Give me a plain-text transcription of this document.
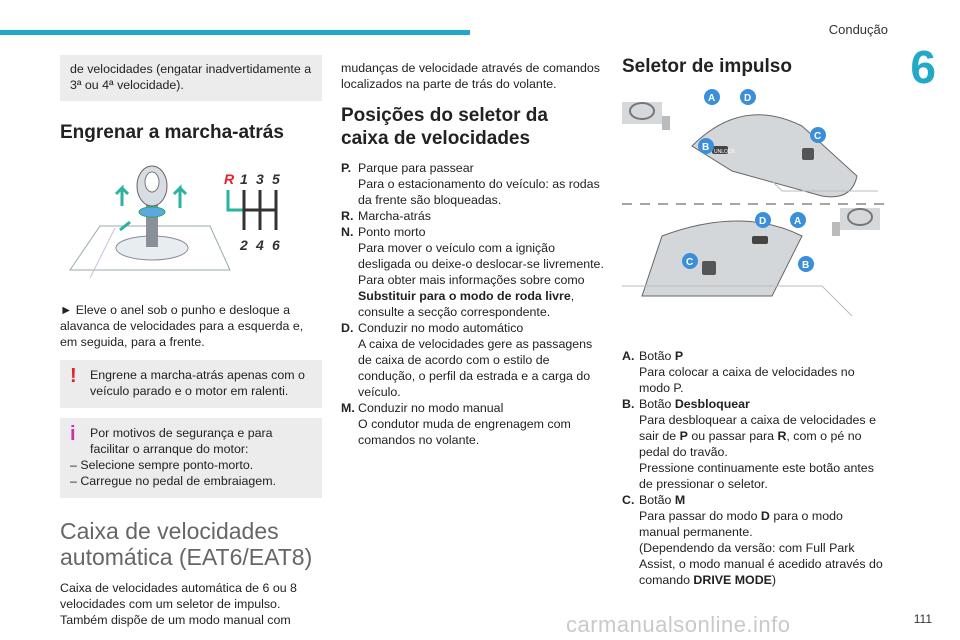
Condução
6
de velocidades (engatar inadvertidamente a 3ª ou 4ª velocidade).
Engrenar a marcha-atrás
R 1 3 5
2 4 6
► Eleve o anel sob o punho e desloque a alavanca de velocidades para a esquerda e, em seguida, para a frente.
! Engrene a marcha-atrás apenas com o veículo parado e o motor em ralenti.
i	Por motivos de segurança e para facilitar o arranque do motor:
– Selecione sempre ponto-morto.
– Carregue no pedal de embraiagem.
Caixa de velocidades automática (EAT6/EAT8)
Caixa de velocidades automática de 6 ou 8 velocidades com um seletor de impulso. Também dispõe de um modo manual com
mudanças de velocidade através de comandos localizados na parte de trás do volante.
Posições do seletor da caixa de velocidades
P. Parque para passear
Para o estacionamento do veículo: as rodas da frente são bloqueadas.
R. Marcha-atrás
N. Ponto morto
Para mover o veículo com a ignição desligada ou deixe-o deslocar-se livremente. Para obter mais informações sobre como Substituir para o modo de roda livre, consulte a secção correspondente.
D. Conduzir no modo automático
A caixa de velocidades gere as passagens de caixa de acordo com o estilo de condução, o perfil da estrada e a carga do veículo.
M. Conduzir no modo manual
O condutor muda de engrenagem com comandos no volante.
Seletor de impulso
UNLOCK
A	D
C
B
D	A
C	B
A. Botão P
Para colocar a caixa de velocidades no modo P.
B. Botão Desbloquear
Para desbloquear a caixa de velocidades e sair de P ou passar para R, com o pé no pedal do travão.
Pressione continuamente este botão antes de pressionar o seletor.
C. Botão M
Para passar do modo D para o modo manual permanente.
(Dependendo da versão: com Full Park Assist, o modo manual é acedido através do comando DRIVE MODE)
carmanualsonline.info	111
